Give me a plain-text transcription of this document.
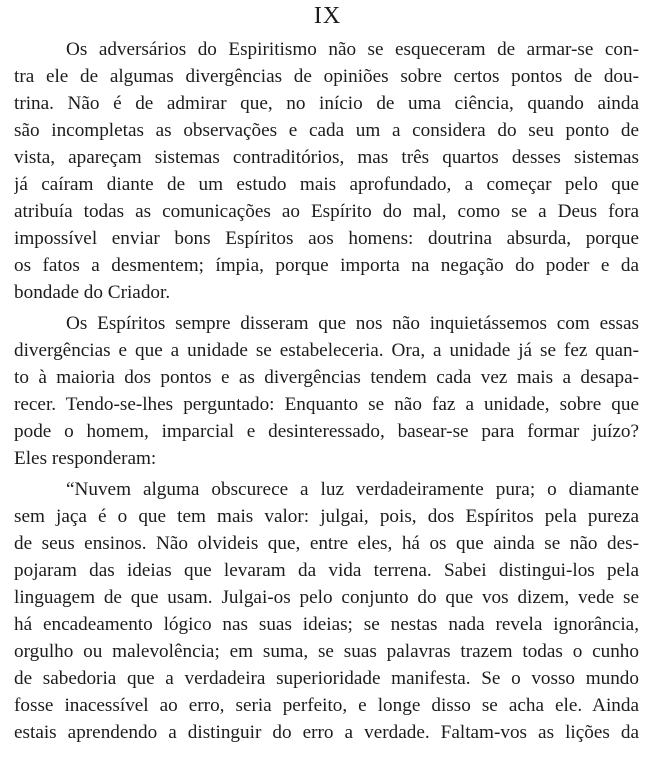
IX
Os adversários do Espiritismo não se esqueceram de armar-se con-
tra ele de algumas divergências de opiniões sobre certos pontos de dou-
trina. Não é de admirar que, no início de uma ciência, quando ainda
são incompletas as observações e cada um a considera do seu ponto de
vista, apareçam sistemas contraditórios, mas três quartos desses sistemas
já caíram diante de um estudo mais aprofundado, a começar pelo que
atribuía todas as comunicações ao Espírito do mal, como se a Deus fora
impossível enviar bons Espíritos aos homens: doutrina absurda, porque
os fatos a desmentem; ímpia, porque importa na negação do poder e da
bondade do Criador.
Os Espíritos sempre disseram que nos não inquietássemos com essas
divergências e que a unidade se estabeleceria. Ora, a unidade já se fez quan-
to à maioria dos pontos e as divergências tendem cada vez mais a desapa-
recer. Tendo-se-lhes perguntado: Enquanto se não faz a unidade, sobre que
pode o homem, imparcial e desinteressado, basear-se para formar juízo?
Eles responderam:
“Nuvem alguma obscurece a luz verdadeiramente pura; o diamante
sem jaça é o que tem mais valor: julgai, pois, dos Espíritos pela pureza
de seus ensinos. Não olvideis que, entre eles, há os que ainda se não des-
pojaram das ideias que levaram da vida terrena. Sabei distingui-los pela
linguagem de que usam. Julgai-os pelo conjunto do que vos dizem, vede se
há encadeamento lógico nas suas ideias; se nestas nada revela ignorância,
orgulho ou malevolência; em suma, se suas palavras trazem todas o cunho
de sabedoria que a verdadeira superioridade manifesta. Se o vosso mundo
fosse inacessível ao erro, seria perfeito, e longe disso se acha ele. Ainda
estais aprendendo a distinguir do erro a verdade. Faltam-vos as lições da
